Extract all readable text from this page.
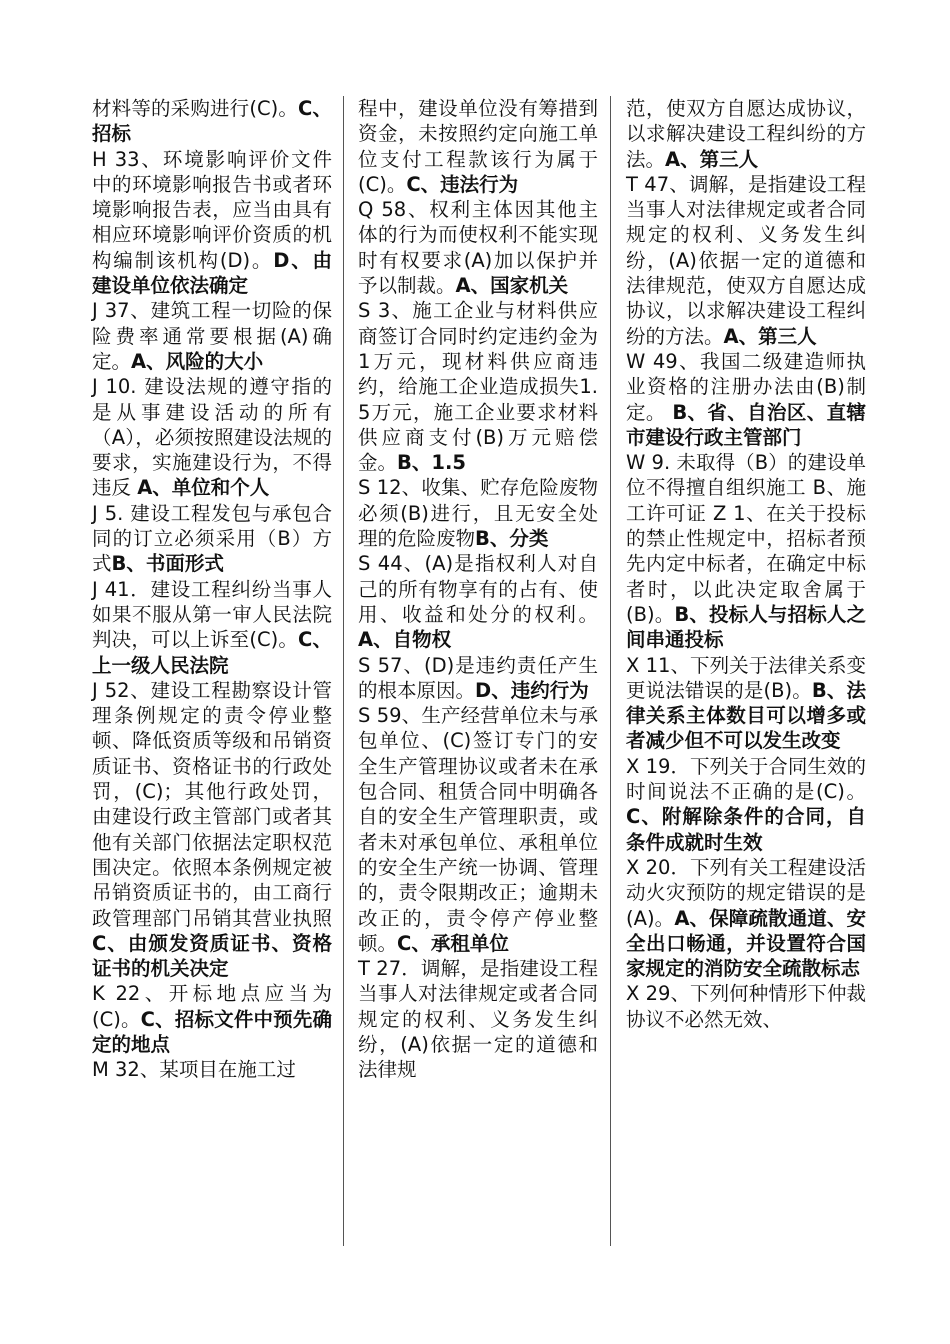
材料等的采购进行(C)。C、招标

H 33、环境影响评价文件中的环境影响报告书或者环境影响报告表，应当由具有相应环境影响评价资质的机构编制该机构(D)。D、由建设单位依法确定

J 37、建筑工程一切险的保险费率通常要根据(A)确定。A、风险的大小

J 10. 建设法规的遵守指的是从事建设活动的所有（A），必须按照建设法规的要求，实施建设行为，不得违反 A、单位和个人

J 5. 建设工程发包与承包合同的订立必须采用（B）方式B、书面形式

J 41．建设工程纠纷当事人如果不服从第一审人民法院判决，可以上诉至(C)。C、上一级人民法院

J 52、建设工程勘察设计管理条例规定的责令停业整顿、降低资质等级和吊销资质证书、资格证书的行政处罚，(C)；其他行政处罚，由建设行政主管部门或者其他有关部门依据法定职权范围决定。依照本条例规定被吊销资质证书的，由工商行政管理部门吊销其营业执照C、由颁发资质证书、资格证书的机关决定

K 22、开标地点应当为(C)。C、招标文件中预先确定的地点

M 32、某项目在施工过

程中，建设单位没有筹措到资金，未按照约定向施工单位支付工程款该行为属于(C)。C、违法行为

Q 58、权利主体因其他主体的行为而使权利不能实现时有权要求(A)加以保护并予以制裁。A、国家机关

S 3、施工企业与材料供应商签订合同时约定违约金为1万元，现材料供应商违约，给施工企业造成损失1.5万元，施工企业要求材料供应商支付(B)万元赔偿金。B、1.5

S 12、收集、贮存危险废物必须(B)进行，且无安全处理的危险废物B、分类

S 44、(A)是指权利人对自己的所有物享有的占有、使用、收益和处分的权利。A、自物权

S 57、(D)是违约责任产生的根本原因。D、违约行为

S 59、生产经营单位未与承包单位、(C)签订专门的安全生产管理协议或者未在承包合同、租赁合同中明确各自的安全生产管理职责，或者未对承包单位、承租单位的安全生产统一协调、管理的，责令限期改正；逾期未改正的，责令停产停业整顿。C、承租单位

T 27．调解，是指建设工程当事人对法律规定或者合同规定的权利、义务发生纠纷，(A)依据一定的道德和法律规

范，使双方自愿达成协议，以求解决建设工程纠纷的方法。A、第三人

T 47、调解，是指建设工程当事人对法律规定或者合同规定的权利、义务发生纠纷，(A)依据一定的道德和法律规范，使双方自愿达成协议，以求解决建设工程纠纷的方法。A、第三人

W 49、我国二级建造师执业资格的注册办法由(B)制定。 B、省、自治区、直辖市建设行政主管部门

W 9. 未取得（B）的建设单位不得擅自组织施工 B、施工许可证 Z 1、在关于投标的禁止性规定中，招标者预先内定中标者，在确定中标者时，以此决定取舍属于(B)。B、投标人与招标人之间串通投标

X 11、下列关于法律关系变更说法错误的是(B)。B、法律关系主体数目可以增多或者减少但不可以发生改变

X 19．下列关于合同生效的时间说法不正确的是(C)。C、附解除条件的合同，自条件成就时生效

X 20．下列有关工程建设活动火灾预防的规定错误的是(A)。A、保障疏散通道、安全出口畅通，并设置符合国家规定的消防安全疏散标志

X 29、下列何种情形下仲裁协议不必然无效、
